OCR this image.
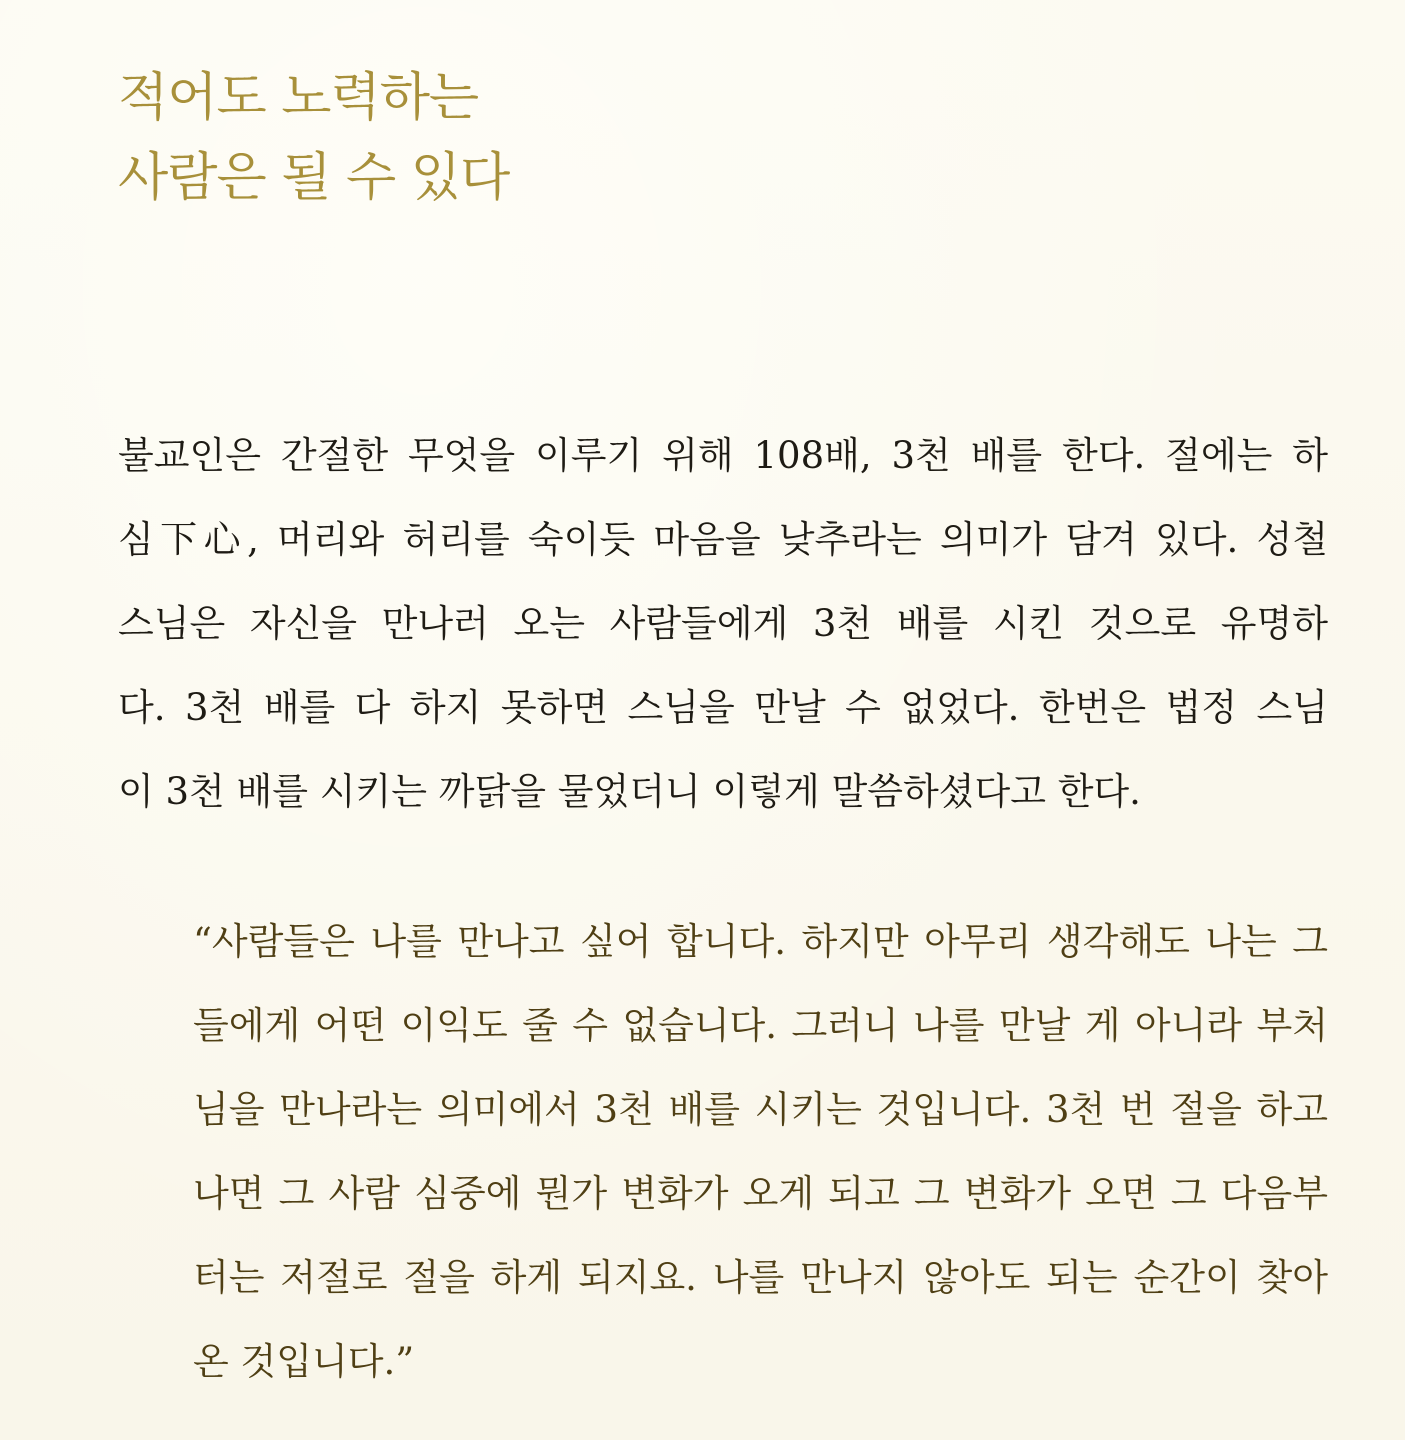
적어도 노력하는
사람은 될 수 있다

불교인은 간절한 무엇을 이루기 위해 108배, 3천 배를 한다. 절에는 하
심下心, 머리와 허리를 숙이듯 마음을 낮추라는 의미가 담겨 있다. 성철
스님은 자신을 만나러 오는 사람들에게 3천 배를 시킨 것으로 유명하
다. 3천 배를 다 하지 못하면 스님을 만날 수 없었다. 한번은 법정 스님
이 3천 배를 시키는 까닭을 물었더니 이렇게 말씀하셨다고 한다.

“사람들은 나를 만나고 싶어 합니다. 하지만 아무리 생각해도 나는 그
들에게 어떤 이익도 줄 수 없습니다. 그러니 나를 만날 게 아니라 부처
님을 만나라는 의미에서 3천 배를 시키는 것입니다. 3천 번 절을 하고
나면 그 사람 심중에 뭔가 변화가 오게 되고 그 변화가 오면 그 다음부
터는 저절로 절을 하게 되지요. 나를 만나지 않아도 되는 순간이 찾아
온 것입니다.”
